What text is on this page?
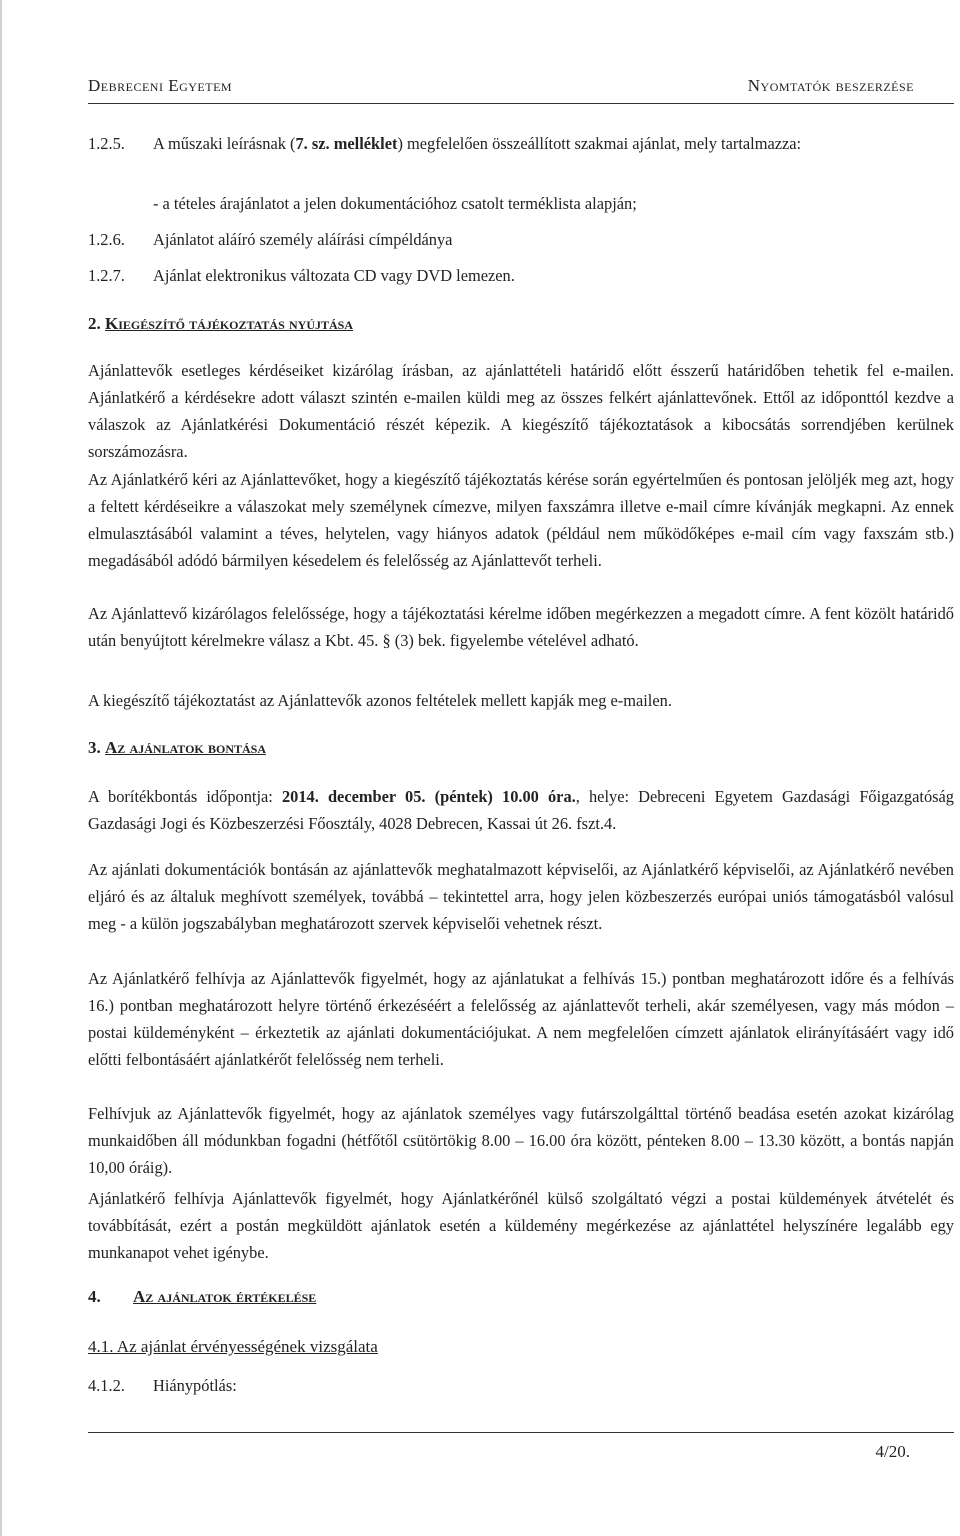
Debreceni Egyetem	Nyomtatók beszerzése
1.2.5. A műszaki leírásnak (7. sz. melléklet) megfelelően összeállított szakmai ajánlat, mely tartalmazza:
- a tételes árajánlatot a jelen dokumentációhoz csatolt terméklista alapján;
1.2.6. Ajánlatot aláíró személy aláírási címpéldánya
1.2.7. Ajánlat elektronikus változata CD vagy DVD lemezen.
2. Kiegészítő tájékoztatás nyújtása

Ajánlattevők esetleges kérdéseiket kizárólag írásban, az ajánlattételi határidő előtt ésszerű határidőben tehetik fel e-mailen. Ajánlatkérő a kérdésekre adott választ szintén e-mailen küldi meg az összes felkért ajánlattevőnek. Ettől az időponttól kezdve a válaszok az Ajánlatkérési Dokumentáció részét képezik. A kiegészítő tájékoztatások a kibocsátás sorrendjében kerülnek sorszámozásra.

Az Ajánlatkérő kéri az Ajánlattevőket, hogy a kiegészítő tájékoztatás kérése során egyértelműen és pontosan jelöljék meg azt, hogy a feltett kérdéseikre a válaszokat mely személynek címezve, milyen faxszámra illetve e-mail címre kívánják megkapni. Az ennek elmulasztásából valamint a téves, helytelen, vagy hiányos adatok (például nem működőképes e-mail cím vagy faxszám stb.) megadásából adódó bármilyen késedelem és felelősség az Ajánlattevőt terheli.

Az Ajánlattevő kizárólagos felelőssége, hogy a tájékoztatási kérelme időben megérkezzen a megadott címre. A fent közölt határidő után benyújtott kérelmekre válasz a Kbt. 45. § (3) bek. figyelembe vételével adható.

A kiegészítő tájékoztatást az Ajánlattevők azonos feltételek mellett kapják meg e-mailen.

3. Az ajánlatok bontása

A borítékbontás időpontja: 2014. december 05. (péntek) 10.00 óra., helye: Debreceni Egyetem Gazdasági Főigazgatóság Gazdasági Jogi és Közbeszerzési Főosztály, 4028 Debrecen, Kassai út 26. fszt.4.

Az ajánlati dokumentációk bontásán az ajánlattevők meghatalmazott képviselői, az Ajánlatkérő képviselői, az Ajánlatkérő nevében eljáró és az általuk meghívott személyek, továbbá – tekintettel arra, hogy jelen közbeszerzés európai uniós támogatásból valósul meg - a külön jogszabályban meghatározott szervek képviselői vehetnek részt.

Az Ajánlatkérő felhívja az Ajánlattevők figyelmét, hogy az ajánlatukat a felhívás 15.) pontban meghatározott időre és a felhívás 16.) pontban meghatározott helyre történő érkezéséért a felelősség az ajánlattevőt terheli, akár személyesen, vagy más módon – postai küldeményként – érkeztetik az ajánlati dokumentációjukat. A nem megfelelően címzett ajánlatok elirányításáért vagy idő előtti felbontásáért ajánlatkérőt felelősség nem terheli.

Felhívjuk az Ajánlattevők figyelmét, hogy az ajánlatok személyes vagy futárszolgálttal történő beadása esetén azokat kizárólag munkaidőben áll módunkban fogadni (hétfőtől csütörtökig 8.00 – 16.00 óra között, pénteken 8.00 – 13.30 között, a bontás napján 10,00 óráig).

Ajánlatkérő felhívja Ajánlattevők figyelmét, hogy Ajánlatkérőnél külső szolgáltató végzi a postai küldemények átvételét és továbbítását, ezért a postán megküldött ajánlatok esetén a küldemény megérkezése az ajánlattétel helyszínére legalább egy munkanapot vehet igénybe.

4. Az ajánlatok értékelése
4.1. Az ajánlat érvényességének vizsgálata
4.1.2. Hiánypótlás:
4/20.
